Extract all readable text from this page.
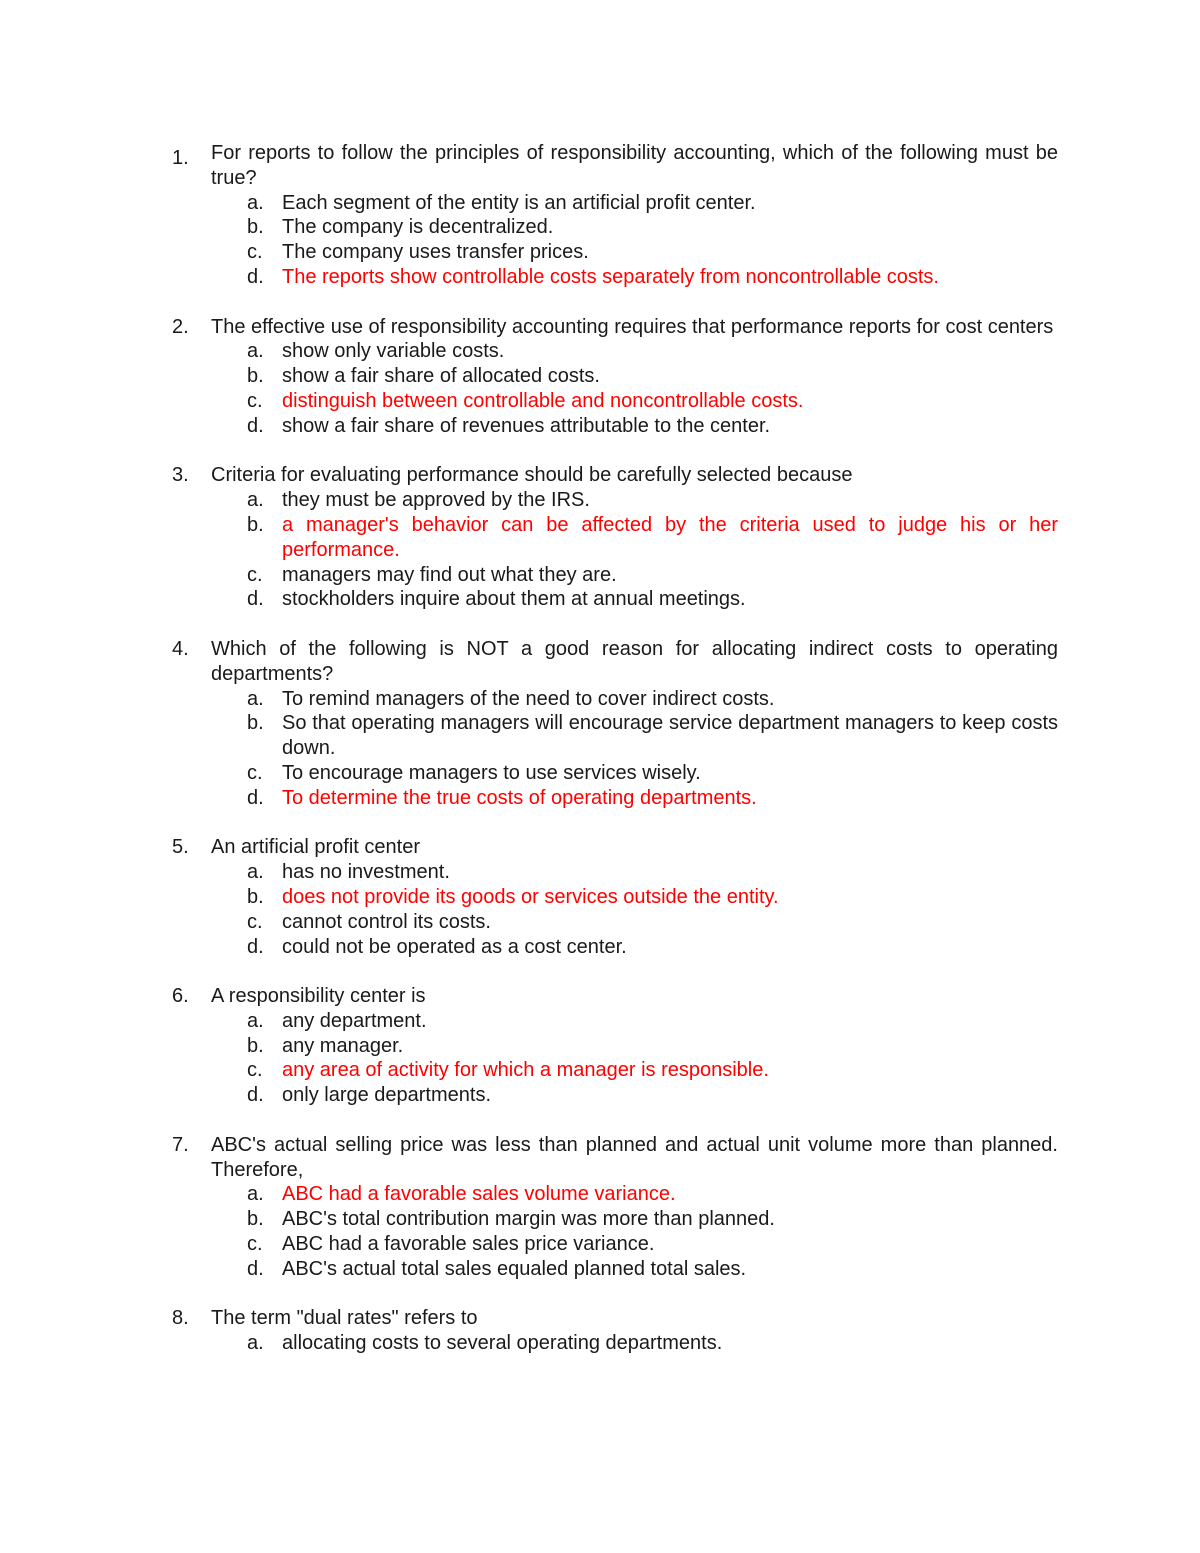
1.	For reports to follow the principles of responsibility accounting, which of the following must be true?
a. Each segment of the entity is an artificial profit center.
b. The company is decentralized.
c. The company uses transfer prices.
d. The reports show controllable costs separately from noncontrollable costs.
2.	The effective use of responsibility accounting requires that performance reports for cost centers
a. show only variable costs.
b. show a fair share of allocated costs.
c. distinguish between controllable and noncontrollable costs.
d. show a fair share of revenues attributable to the center.
3.	Criteria for evaluating performance should be carefully selected because
a. they must be approved by the IRS.
b. a manager's behavior can be affected by the criteria used to judge his or her performance.
c. managers may find out what they are.
d. stockholders inquire about them at annual meetings.
4.	Which of the following is NOT a good reason for allocating indirect costs to operating departments?
a. To remind managers of the need to cover indirect costs.
b. So that operating managers will encourage service department managers to keep costs down.
c. To encourage managers to use services wisely.
d. To determine the true costs of operating departments.
5.	An artificial profit center
a. has no investment.
b. does not provide its goods or services outside the entity.
c. cannot control its costs.
d. could not be operated as a cost center.
6.	A responsibility center is
a. any department.
b. any manager.
c. any area of activity for which a manager is responsible.
d. only large departments.
7.	ABC's actual selling price was less than planned and actual unit volume more than planned. Therefore,
a. ABC had a favorable sales volume variance.
b. ABC's total contribution margin was more than planned.
c. ABC had a favorable sales price variance.
d. ABC's actual total sales equaled planned total sales.
8.	The term "dual rates" refers to
a. allocating costs to several operating departments.
